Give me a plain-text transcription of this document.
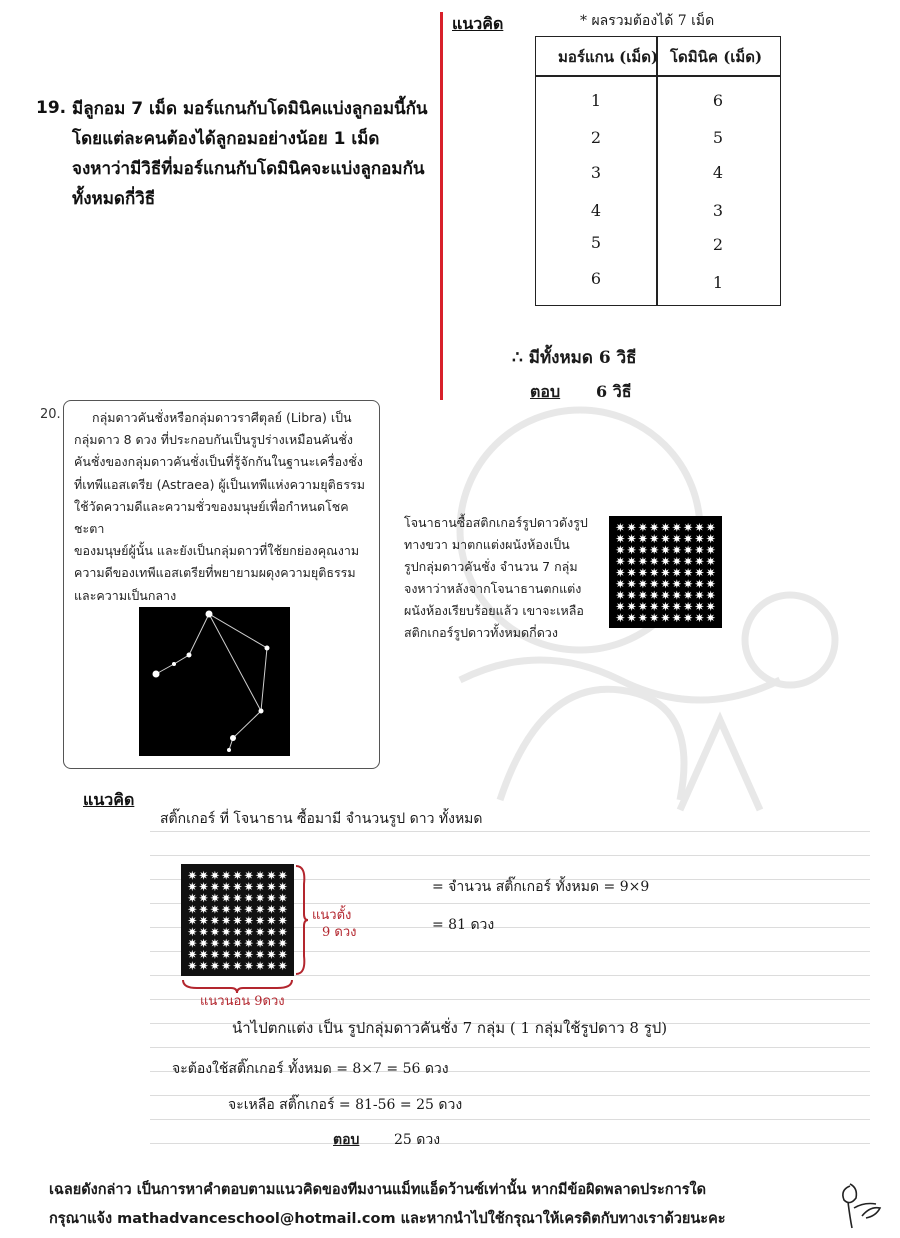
19. มีลูกอม 7 เม็ด มอร์แกนกับโดมินิคแบ่งลูกอมนี้กัน
โดยแต่ละคนต้องได้ลูกอมอย่างน้อย 1 เม็ด
จงหาว่ามีวิธีที่มอร์แกนกับโดมินิคจะแบ่งลูกอมกัน
ทั้งหมดกี่วิธี
แนวคิด	* ผลรวมต้องได้ 7 เม็ด
มอร์แกน (เม็ด) โดมินิค (เม็ด)
1	6
2	5
3	4
4	3
5	2
6	1
∴ มีทั้งหมด 6 วิธี
ตอบ 6 วิธี
20.	กลุ่มดาวคันชั่งหรือกลุ่มดาวราศีตุลย์ (Libra) เป็น
กลุ่มดาว 8 ดวง ที่ประกอบกันเป็นรูปร่างเหมือนคันชั่ง
คันชั่งของกลุ่มดาวคันชั่งเป็นที่รู้จักกันในฐานะเครื่องชั่ง
ที่เทพีแอสเตรีย (Astraea) ผู้เป็นเทพีแห่งความยุติธรรม
ใช้วัดความดีและความชั่วของมนุษย์เพื่อกำหนดโชคชะตา
ของมนุษย์ผู้นั้น และยังเป็นกลุ่มดาวที่ใช้ยกย่องคุณงาม
ความดีของเทพีแอสเตรียที่พยายามผดุงความยุติธรรม
และความเป็นกลาง
โจนาธานซื้อสติกเกอร์รูปดาวดังรูป
ทางขวา มาตกแต่งผนังห้องเป็น
รูปกลุ่มดาวคันชั่ง จำนวน 7 กลุ่ม
จงหาว่าหลังจากโจนาธานตกแต่ง
ผนังห้องเรียบร้อยแล้ว เขาจะเหลือ
สติกเกอร์รูปดาวทั้งหมดกี่ดวง
แนวคิด
สติ๊กเกอร์ ที่ โจนาธาน ซื้อมามี จำนวนรูป ดาว ทั้งหมด
แนวตั้ง
9 ดวง
แนวนอน 9ดวง
= จำนวน สติ๊กเกอร์ ทั้งหมด = 9×9
= 81 ดวง
นำไปตกแต่ง เป็น รูปกลุ่มดาวคันชั่ง 7 กลุ่ม ( 1 กลุ่มใช้รูปดาว 8 รูป)
จะต้องใช้สติ๊กเกอร์ ทั้งหมด = 8×7 = 56 ดวง
จะเหลือ สติ๊กเกอร์ = 81-56 = 25 ดวง
ตอบ 25 ดวง
เฉลยดังกล่าว เป็นการหาคำตอบตามแนวคิดของทีมงานแม็ทแอ็ดว้านซ์เท่านั้น หากมีข้อผิดพลาดประการใด
กรุณาแจ้ง mathadvanceschool@hotmail.com และหากนำไปใช้กรุณาให้เครดิตกับทางเราด้วยนะคะ
